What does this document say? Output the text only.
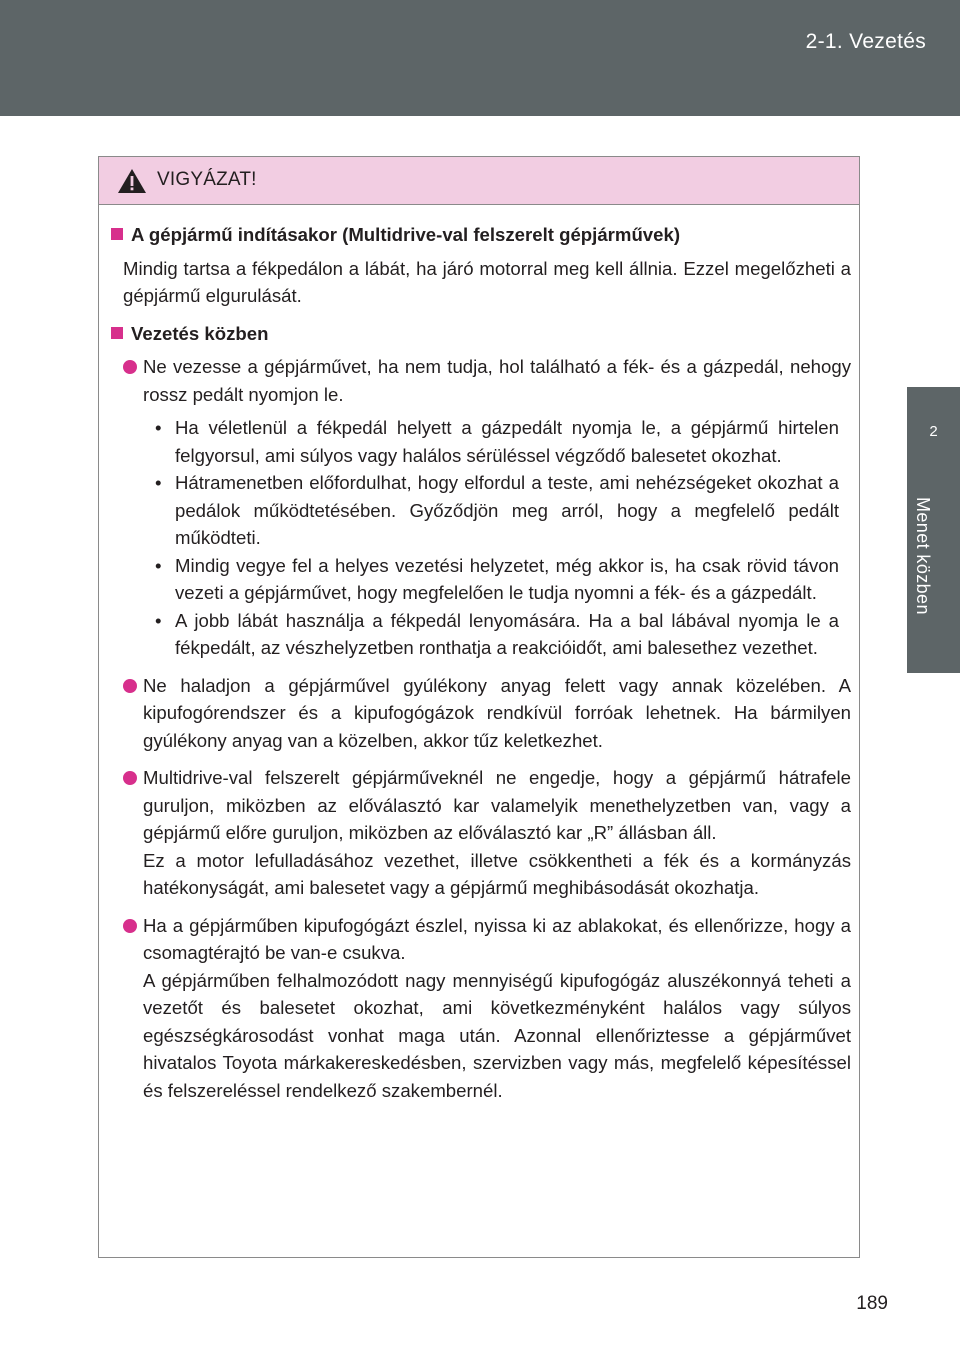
2-1. Vezetés
2
Menet közben
VIGYÁZAT!
A gépjármű indításakor (Multidrive-val felszerelt gépjárművek)

Mindig tartsa a fékpedálon a lábát, ha járó motorral meg kell állnia. Ezzel megelőzheti a gépjármű elgurulását.

Vezetés közben
Ne vezesse a gépjárművet, ha nem tudja, hol található a fék- és a gázpedál, nehogy rossz pedált nyomjon le.
• Ha véletlenül a fékpedál helyett a gázpedált nyomja le, a gépjármű hirtelen felgyorsul, ami súlyos vagy halálos sérüléssel végződő balesetet okozhat.
• Hátramenetben előfordulhat, hogy elfordul a teste, ami nehézségeket okozhat a pedálok működtetésében. Győződjön meg arról, hogy a megfelelő pedált működteti.
• Mindig vegye fel a helyes vezetési helyzetet, még akkor is, ha csak rövid távon vezeti a gépjárművet, hogy megfelelően le tudja nyomni a fék- és a gázpedált.
• A jobb lábát használja a fékpedál lenyomására. Ha a bal lábával nyomja le a fékpedált, az vészhelyzetben ronthatja a reakcióidőt, ami balesethez vezethet.
Ne haladjon a gépjárművel gyúlékony anyag felett vagy annak közelében. A kipufogórendszer és a kipufogógázok rendkívül forróak lehetnek. Ha bármilyen gyúlékony anyag van a közelben, akkor tűz keletkezhet.
Multidrive-val felszerelt gépjárműveknél ne engedje, hogy a gépjármű hátrafele guruljon, miközben az előválasztó kar valamelyik menethelyzetben van, vagy a gépjármű előre guruljon, miközben az előválasztó kar „R” állásban áll.
Ez a motor lefulladásához vezethet, illetve csökkentheti a fék és a kormányzás hatékonyságát, ami balesetet vagy a gépjármű meghibásodását okozhatja.
Ha a gépjárműben kipufogógázt észlel, nyissa ki az ablakokat, és ellenőrizze, hogy a csomagtérajtó be van-e csukva.
A gépjárműben felhalmozódott nagy mennyiségű kipufogógáz aluszékonnyá teheti a vezetőt és balesetet okozhat, ami következményként halálos vagy súlyos egészségkárosodást vonhat maga után. Azonnal ellenőriztesse a gépjárművet hivatalos Toyota márkakereskedésben, szervizben vagy más, megfelelő képesítéssel és felszereléssel rendelkező szakembernél.
189
